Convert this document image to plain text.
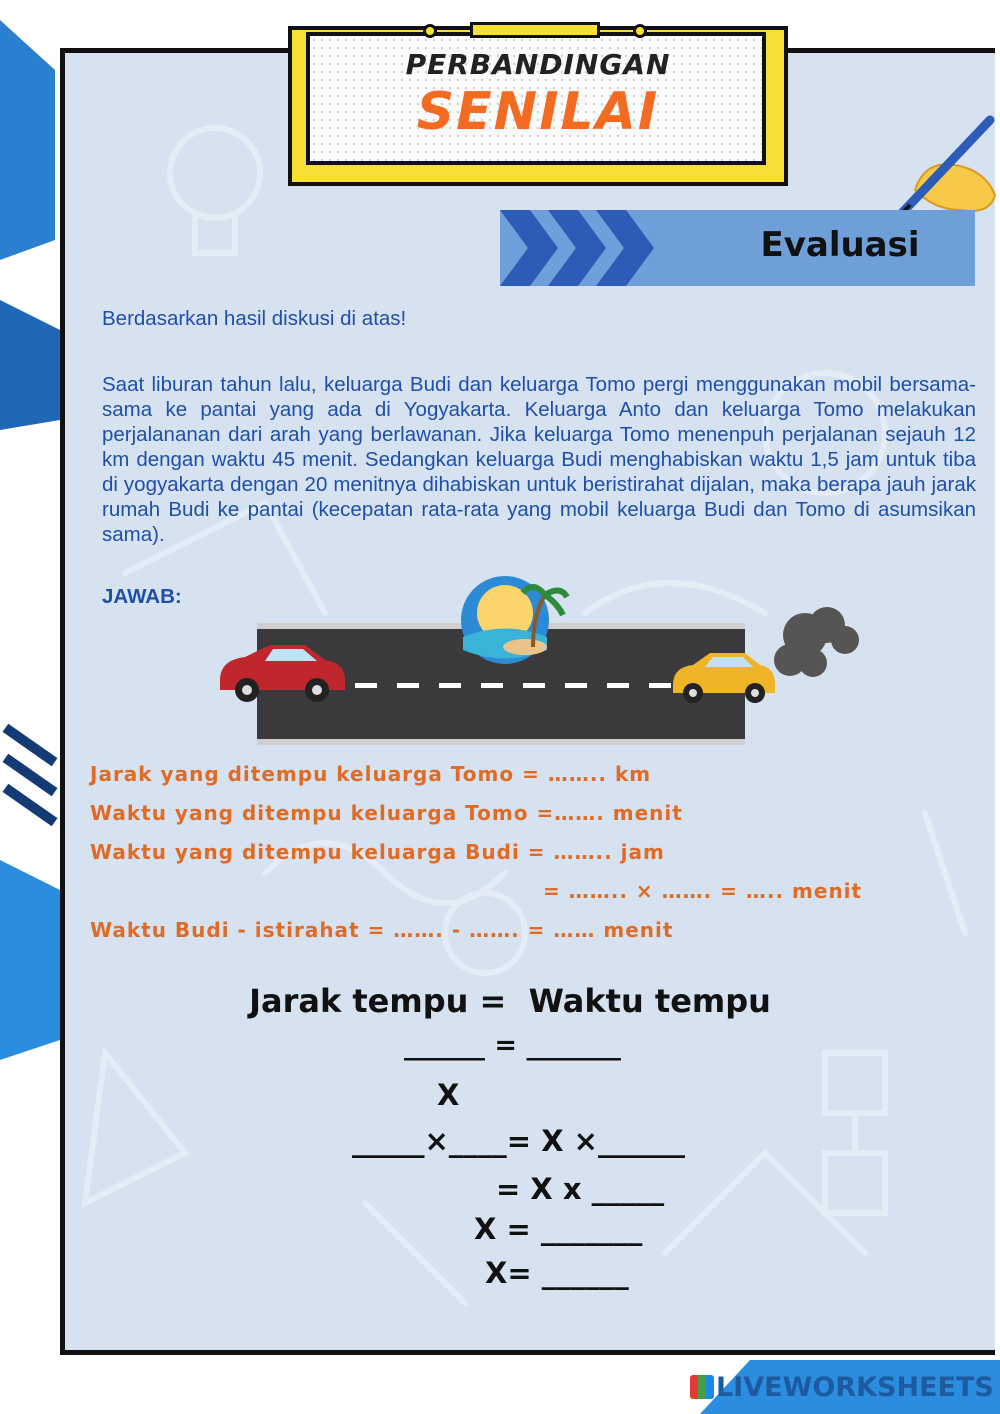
PERBANDINGAN
SENILAI
Evaluasi
Berdasarkan hasil diskusi di atas!
Saat liburan tahun lalu, keluarga Budi dan keluarga Tomo pergi menggunakan mobil bersama-sama ke pantai yang ada di Yogyakarta. Keluarga Anto dan keluarga Tomo melakukan perjalananan dari arah yang berlawanan. Jika keluarga Tomo menenpuh perjalanan sejauh 12 km dengan waktu 45 menit. Sedangkan keluarga Budi menghabiskan waktu 1,5 jam untuk tiba di yogyakarta dengan 20 menitnya dihabiskan untuk beristirahat dijalan, maka berapa jauh jarak rumah Budi ke pantai (kecepatan rata-rata yang mobil keluarga Budi dan Tomo di asumsikan sama).
JAWAB:
Jarak yang ditempu keluarga Tomo = …….. km
Waktu yang ditempu keluarga Tomo =……. menit
Waktu yang ditempu keluarga Budi = …….. jam
= …….. × ……. = ….. menit
Waktu Budi - istirahat = ……. - ……. = …… menit
Jarak tempu =  Waktu tempu
______ = _______
X
_____×____= X ×______
= X x _____
X = _______
X= ______
LIVEWORKSHEETS
